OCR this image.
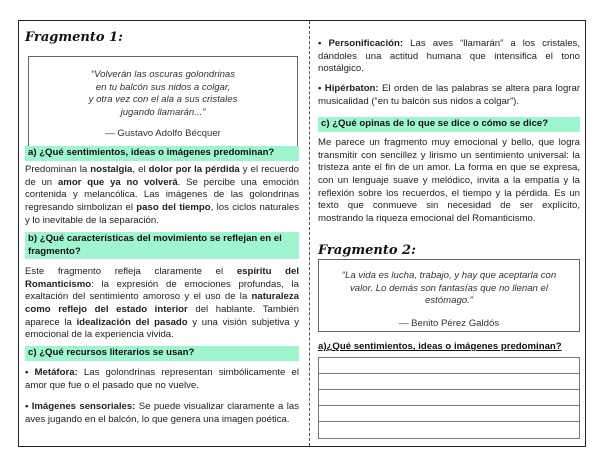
Fragmento 1:
“Volverán las oscuras golondrinas
en tu balcón sus nidos a colgar,
y otra vez con el ala a sus cristales
jugando llamarán...”
— Gustavo Adolfo Bécquer
a) ¿Qué sentimientos, ideas o imágenes predominan?
Predominan la nostalgia, el dolor por la pérdida y el recuerdo de un amor que ya no volverá. Se percibe una emoción contenida y melancólica. Las imágenes de las golondrinas regresando simbolizan el paso del tiempo, los ciclos naturales y lo inevitable de la separación.
b) ¿Qué características del movimiento se reflejan en el fragmento?
Este fragmento refleja claramente el espíritu del Romanticismo: la expresión de emociones profundas, la exaltación del sentimiento amoroso y el uso de la naturaleza como reflejo del estado interior del hablante. También aparece la idealización del pasado y una visión subjetiva y emocional de la experiencia vivida.
c) ¿Qué recursos literarios se usan?
• Metáfora: Las golondrinas representan simbólicamente el amor que fue o el pasado que no vuelve.
• Imágenes sensoriales: Se puede visualizar claramente a las aves jugando en el balcón, lo que genera una imagen poética.
• Personificación: Las aves “llamarán” a los cristales, dándoles una actitud humana que intensifica el tono nostálgico.
• Hipérbaton: El orden de las palabras se altera para lograr musicalidad (“en tu balcón sus nidos a colgar”).
c) ¿Qué opinas de lo que se dice o cómo se dice?
Me parece un fragmento muy emocional y bello, que logra transmitir con sencillez y lirismo un sentimiento universal: la tristeza ante el fin de un amor. La forma en que se expresa, con un lenguaje suave y melódico, invita a la empatía y la reflexión sobre los recuerdos, el tiempo y la pérdida. Es un texto que conmueve sin necesidad de ser explícito, mostrando la riqueza emocional del Romanticismo.
Fragmento 2:
“La vida es lucha, trabajo, y hay que aceptarla con
valor. Lo demás son fantasías que no llenan el
estómago.”
— Benito Pérez Galdós
a)¿Qué sentimientos, ideas o imágenes predominan?
